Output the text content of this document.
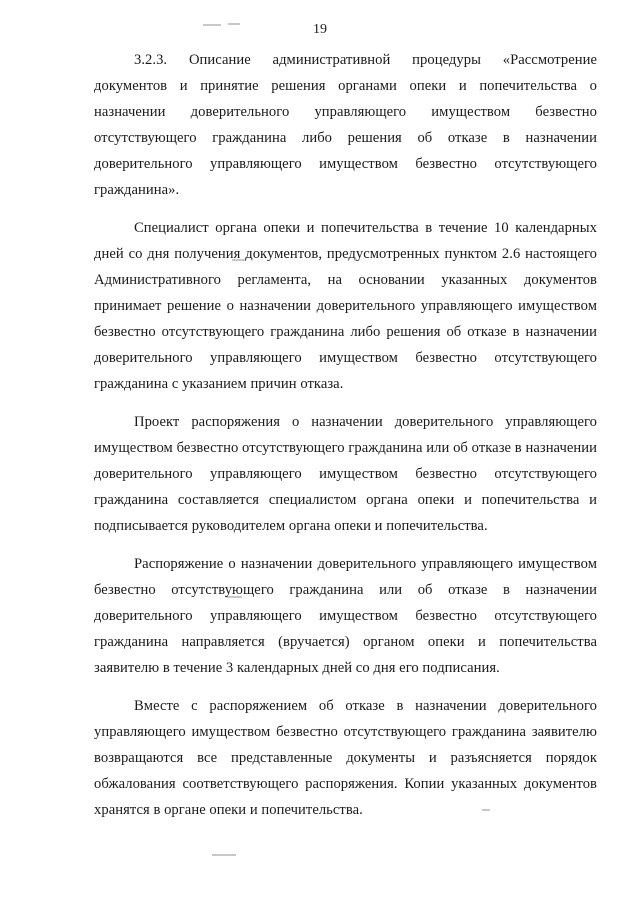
19

3.2.3. Описание административной процедуры «Рассмотрение документов и принятие решения органами опеки и попечительства о назначении доверительного управляющего имуществом безвестно отсутствующего гражданина либо решения об отказе в назначении доверительного управляющего имуществом безвестно отсутствующего гражданина».

Специалист органа опеки и попечительства в течение 10 календарных дней со дня получения документов, предусмотренных пунктом 2.6 настоящего Административного регламента, на основании указанных документов принимает решение о назначении доверительного управляющего имуществом безвестно отсутствующего гражданина либо решения об отказе в назначении доверительного управляющего имуществом безвестно отсутствующего гражданина с указанием причин отказа.

Проект распоряжения о назначении доверительного управляющего имуществом безвестно отсутствующего гражданина или об отказе в назначении доверительного управляющего имуществом безвестно отсутствующего гражданина составляется специалистом органа опеки и попечительства и подписывается руководителем органа опеки и попечительства.

Распоряжение о назначении доверительного управляющего имуществом безвестно отсутствующего гражданина или об отказе в назначении доверительного управляющего имуществом безвестно отсутствующего гражданина направляется (вручается) органом опеки и попечительства заявителю в течение 3 календарных дней со дня его подписания.

Вместе с распоряжением об отказе в назначении доверительного управляющего имуществом безвестно отсутствующего гражданина заявителю возвращаются все представленные документы и разъясняется порядок обжалования соответствующего распоряжения. Копии указанных документов хранятся в органе опеки и попечительства.
